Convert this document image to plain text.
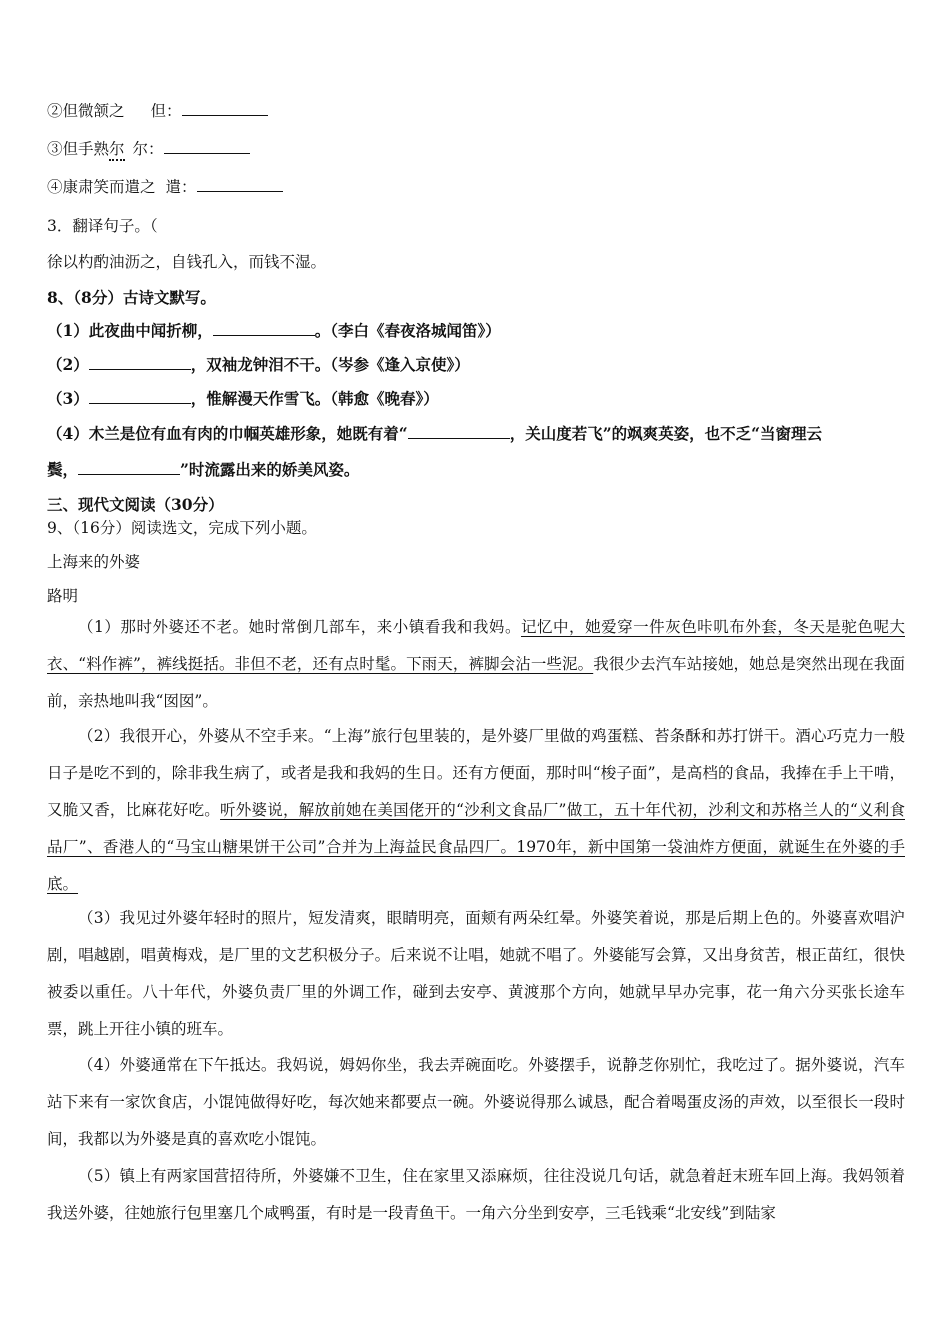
②但微颔之 但：
③但手熟尔 尔：
④康肃笑而遣之 遣：
3．翻译句子。（
徐以杓酌油沥之，自钱孔入，而钱不湿。
8、（8分）古诗文默写。
（1）此夜曲中闻折柳，	。（李白《春夜洛城闻笛》）
（2）	，双袖龙钟泪不干。（岑参《逢入京使》）
（3）	，惟解漫天作雪飞。（韩愈《晚春》）
（4）木兰是位有血有肉的巾帼英雄形象，她既有着“	，关山度若飞”的飒爽英姿，也不乏“当窗理云
鬓，	”时流露出来的娇美风姿。
三、现代文阅读（30分）
9、（16分）阅读选文，完成下列小题。
上海来的外婆
路明
（1）那时外婆还不老。她时常倒几部车，来小镇看我和我妈。记忆中，她爱穿一件灰色咔叽布外套，冬天是驼色呢大衣、“料作裤”，裤线挺括。非但不老，还有点时髦。下雨天，裤脚会沾一些泥。我很少去汽车站接她，她总是突然出现在我面前，亲热地叫我“囡囡”。
（2）我很开心，外婆从不空手来。“上海”旅行包里装的，是外婆厂里做的鸡蛋糕、苔条酥和苏打饼干。酒心巧克力一般日子是吃不到的，除非我生病了，或者是我和我妈的生日。还有方便面，那时叫“梭子面”，是高档的食品，我捧在手上干啃，又脆又香，比麻花好吃。听外婆说，解放前她在美国佬开的“沙利文食品厂”做工，五十年代初，沙利文和苏格兰人的“义利食品厂”、香港人的“马宝山糖果饼干公司”合并为上海益民食品四厂。1970年，新中国第一袋油炸方便面，就诞生在外婆的手底。
（3）我见过外婆年轻时的照片，短发清爽，眼睛明亮，面颊有两朵红晕。外婆笑着说，那是后期上色的。外婆喜欢唱沪剧，唱越剧，唱黄梅戏，是厂里的文艺积极分子。后来说不让唱，她就不唱了。外婆能写会算，又出身贫苦，根正苗红，很快被委以重任。八十年代，外婆负责厂里的外调工作，碰到去安亭、黄渡那个方向，她就早早办完事，花一角六分买张长途车票，跳上开往小镇的班车。
（4）外婆通常在下午抵达。我妈说，姆妈你坐，我去弄碗面吃。外婆摆手，说静芝你别忙，我吃过了。据外婆说，汽车站下来有一家饮食店，小馄饨做得好吃，每次她来都要点一碗。外婆说得那么诚恳，配合着喝蛋皮汤的声效，以至很长一段时间，我都以为外婆是真的喜欢吃小馄饨。
（5）镇上有两家国营招待所，外婆嫌不卫生，住在家里又添麻烦，往往没说几句话，就急着赶末班车回上海。我妈领着我送外婆，往她旅行包里塞几个咸鸭蛋，有时是一段青鱼干。一角六分坐到安亭，三毛钱乘“北安线”到陆家
